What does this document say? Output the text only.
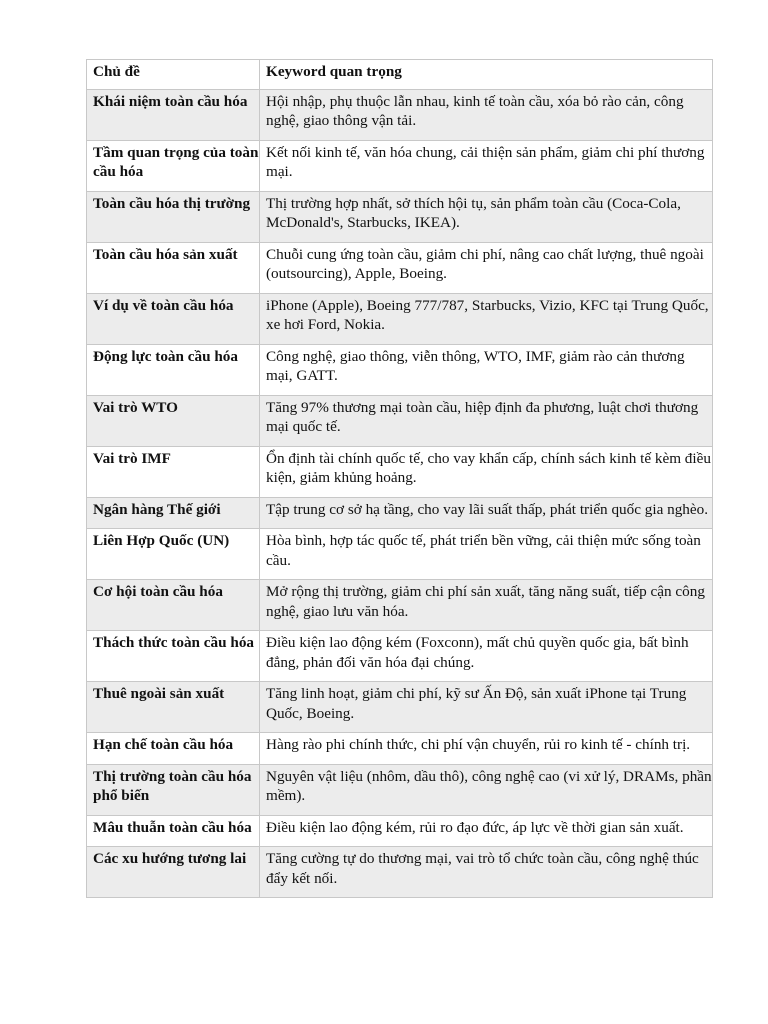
Chủ đề	Keyword quan trọng
Khái niệm toàn cầu hóa	Hội nhập, phụ thuộc lẫn nhau, kinh tế toàn cầu, xóa bỏ rào cản, công nghệ, giao thông vận tải.
Tầm quan trọng của toàn cầu hóa	Kết nối kinh tế, văn hóa chung, cải thiện sản phẩm, giảm chi phí thương mại.
Toàn cầu hóa thị trường	Thị trường hợp nhất, sở thích hội tụ, sản phẩm toàn cầu (Coca-Cola, McDonald's, Starbucks, IKEA).
Toàn cầu hóa sản xuất	Chuỗi cung ứng toàn cầu, giảm chi phí, nâng cao chất lượng, thuê ngoài (outsourcing), Apple, Boeing.
Ví dụ về toàn cầu hóa	iPhone (Apple), Boeing 777/787, Starbucks, Vizio, KFC tại Trung Quốc, xe hơi Ford, Nokia.
Động lực toàn cầu hóa	Công nghệ, giao thông, viễn thông, WTO, IMF, giảm rào cản thương mại, GATT.
Vai trò WTO	Tăng 97% thương mại toàn cầu, hiệp định đa phương, luật chơi thương mại quốc tế.
Vai trò IMF	Ổn định tài chính quốc tế, cho vay khẩn cấp, chính sách kinh tế kèm điều kiện, giảm khủng hoảng.
Ngân hàng Thế giới	Tập trung cơ sở hạ tầng, cho vay lãi suất thấp, phát triển quốc gia nghèo.
Liên Hợp Quốc (UN)	Hòa bình, hợp tác quốc tế, phát triển bền vững, cải thiện mức sống toàn cầu.
Cơ hội toàn cầu hóa	Mở rộng thị trường, giảm chi phí sản xuất, tăng năng suất, tiếp cận công nghệ, giao lưu văn hóa.
Thách thức toàn cầu hóa	Điều kiện lao động kém (Foxconn), mất chủ quyền quốc gia, bất bình đẳng, phản đối văn hóa đại chúng.
Thuê ngoài sản xuất	Tăng linh hoạt, giảm chi phí, kỹ sư Ấn Độ, sản xuất iPhone tại Trung Quốc, Boeing.
Hạn chế toàn cầu hóa	Hàng rào phi chính thức, chi phí vận chuyển, rủi ro kinh tế - chính trị.
Thị trường toàn cầu hóa phổ biến	Nguyên vật liệu (nhôm, dầu thô), công nghệ cao (vi xử lý, DRAMs, phần mềm).
Mâu thuẫn toàn cầu hóa	Điều kiện lao động kém, rủi ro đạo đức, áp lực về thời gian sản xuất.
Các xu hướng tương lai	Tăng cường tự do thương mại, vai trò tổ chức toàn cầu, công nghệ thúc đẩy kết nối.
